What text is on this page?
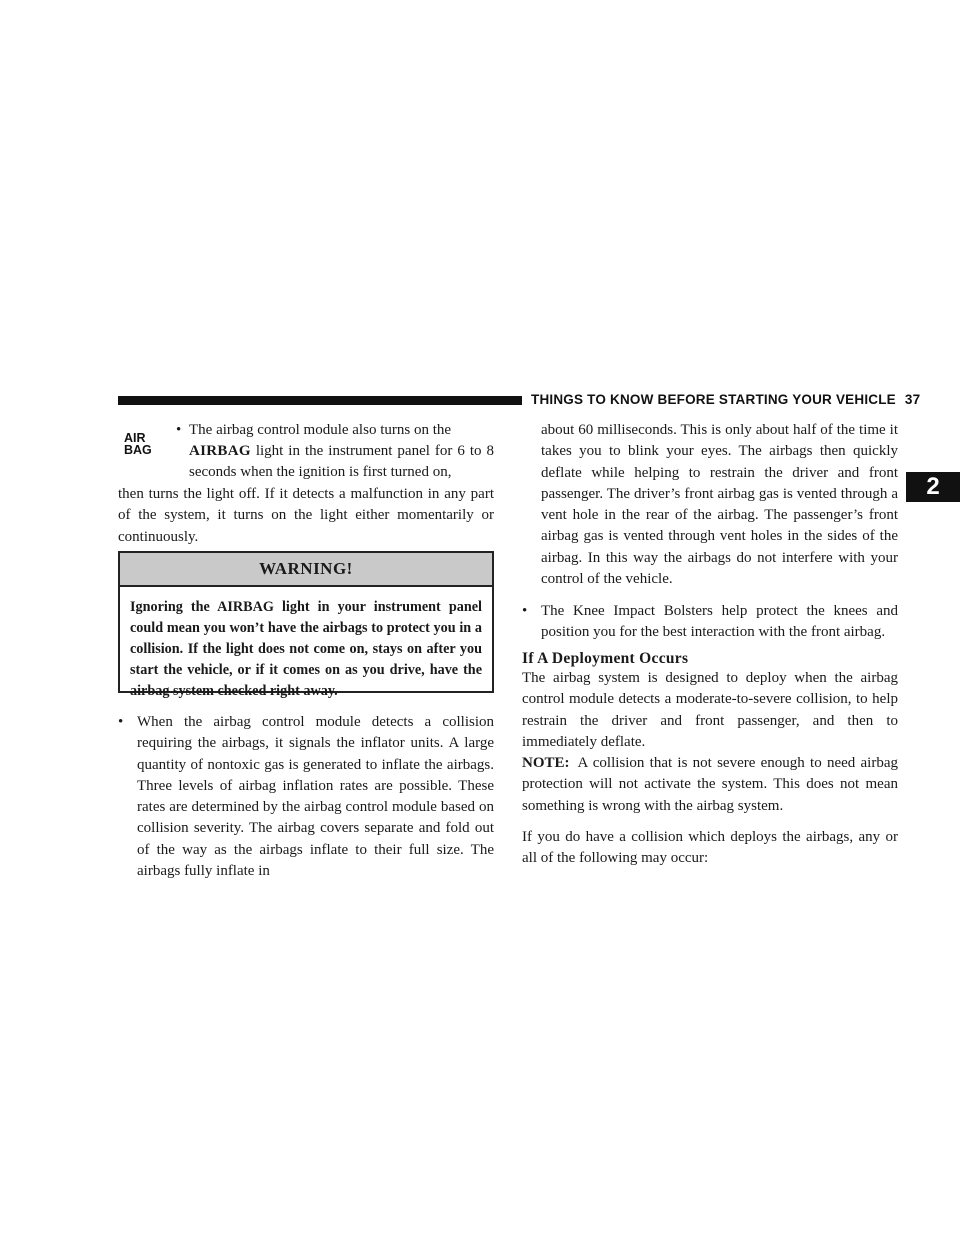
THINGS TO KNOW BEFORE STARTING YOUR VEHICLE 37
2
AIR
BAG
• The airbag control module also turns on the
AIRBAG light in the instrument panel for 6 to 8 seconds when the ignition is first turned on,
then turns the light off. If it detects a malfunction in any part of the system, it turns on the light either momentarily or continuously.
WARNING!
Ignoring the AIRBAG light in your instrument panel could mean you won’t have the airbags to protect you in a collision. If the light does not come on, stays on after you start the vehicle, or if it comes on as you drive, have the airbag system checked right away.
• When the airbag control module detects a collision requiring the airbags, it signals the inflator units. A large quantity of nontoxic gas is generated to inflate the airbags. Three levels of airbag inflation rates are possible. These rates are determined by the airbag control module based on collision severity. The airbag covers separate and fold out of the way as the airbags inflate to their full size. The airbags fully inflate in
about 60 milliseconds. This is only about half of the time it takes you to blink your eyes. The airbags then quickly deflate while helping to restrain the driver and front passenger. The driver’s front airbag gas is vented through a vent hole in the rear of the airbag. The passenger’s front airbag gas is vented through vent holes in the sides of the airbag. In this way the airbags do not interfere with your control of the vehicle.
• The Knee Impact Bolsters help protect the knees and position you for the best interaction with the front airbag.
If A Deployment Occurs
The airbag system is designed to deploy when the airbag control module detects a moderate-to-severe collision, to help restrain the driver and front passenger, and then to immediately deflate.
NOTE: A collision that is not severe enough to need airbag protection will not activate the system. This does not mean something is wrong with the airbag system.
If you do have a collision which deploys the airbags, any or all of the following may occur:
